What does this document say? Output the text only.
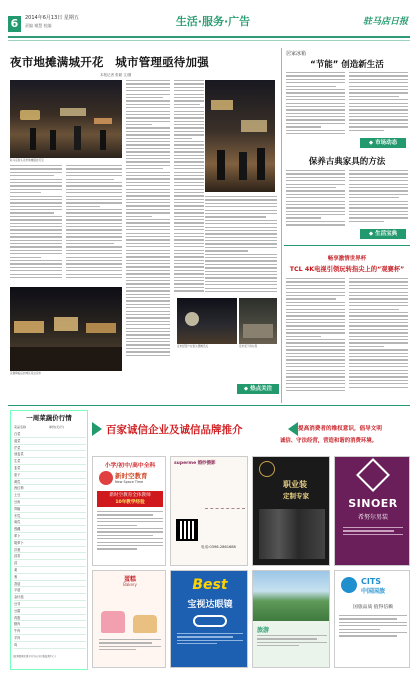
6	2014年6月13日 星期五
责编 谢慧 校编	生活·服务·广告	驻马店日报
夜市地摊满城开花　城市管理亟待加强
本报记者 张颖 文/图
驻马店街头夜市地摊随处可见
夜幕降临后的城区某处夜市
夜市经营户在街头摆摊设点	夜市留下的垃圾
◆ 热点关注
居家冰箱
“节能” 创造新生活
◆ 市场动态
保养古典家具的方法
◆ 生活宝典
畅享激情世界杯
TCL 4K电视引领玩转指尖上的“观赛杯”
一周菜蔬价行情
菜品名称	单价(元/斤)
白菜
菠菜
芹菜
油麦菜
生菜
韭菜
茄子
黄瓜
西红柿
土豆
豆角
青椒
冬瓜
南瓜
莲藕
萝卜
胡萝卜
洋葱
蒜苔
蒜
姜
葱
香菇
平菇
金针菇
豆芽
豆腐
鸡蛋
猪肉
牛肉
羊肉
鸡
(监测数据来源于驻马店市价格监测中心)
百家诚信企业及诚信品牌推介	提高消费者的维权意识，倡导文明
诚信、守法经营，营造和谐的消费环境。
小学/初中/高中全科
新时空教育
New Space Time
新时空教育全体教师
10年教学经验
superme 婚纱摄影
电话:0396-2861688
职业装
定制专家
SINOER
希努尔男装
蛋糕
Bakery	Best
宝视达眼镜
旅游
CITS
中国国旅
国旅品质 值得信赖
